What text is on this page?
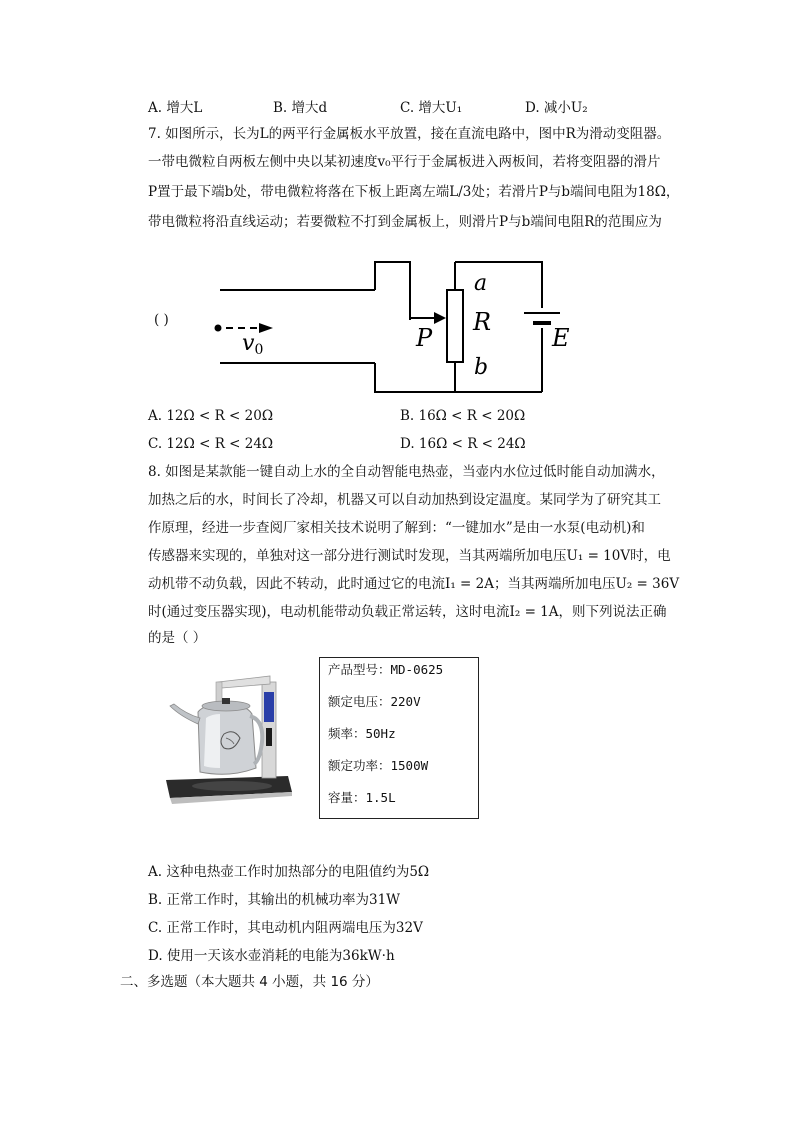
A. 增大L	B. 增大d	C. 增大U₁	D. 减小U₂
7. 如图所示，长为L的两平行金属板水平放置，接在直流电路中，图中R为滑动变阻器。
一带电微粒自两板左侧中央以某初速度v₀平行于金属板进入两板间，若将变阻器的滑片
P置于最下端b处，带电微粒将落在下板上距离左端L/3处；若滑片P与b端间电阻为18Ω，
带电微粒将沿直线运动；若要微粒不打到金属板上，则滑片P与b端间电阻R的范围应为
( )
v0	P
a
R
b
E
A. 12Ω < R < 20Ω	B. 16Ω < R < 20Ω
C. 12Ω < R < 24Ω	D. 16Ω < R < 24Ω
8. 如图是某款能一键自动上水的全自动智能电热壶，当壶内水位过低时能自动加满水，
加热之后的水，时间长了冷却，机器又可以自动加热到设定温度。某同学为了研究其工
作原理，经进一步查阅厂家相关技术说明了解到：“一键加水”是由一水泵(电动机)和
传感器来实现的，单独对这一部分进行测试时发现，当其两端所加电压U₁ = 10V时，电
动机带不动负载，因此不转动，此时通过它的电流I₁ = 2A；当其两端所加电压U₂ = 36V
时(通过变压器实现)，电动机能带动负载正常运转，这时电流I₂ = 1A，则下列说法正确
的是（ ）
产品型号：MD-0625
额定电压：220V
频率：50Hz
额定功率：1500W
容量：1.5L
A. 这种电热壶工作时加热部分的电阻值约为5Ω
B. 正常工作时，其输出的机械功率为31W
C. 正常工作时，其电动机内阻两端电压为32V
D. 使用一天该水壶消耗的电能为36kW·h
二、多选题（本大题共 4 小题，共 16 分）
